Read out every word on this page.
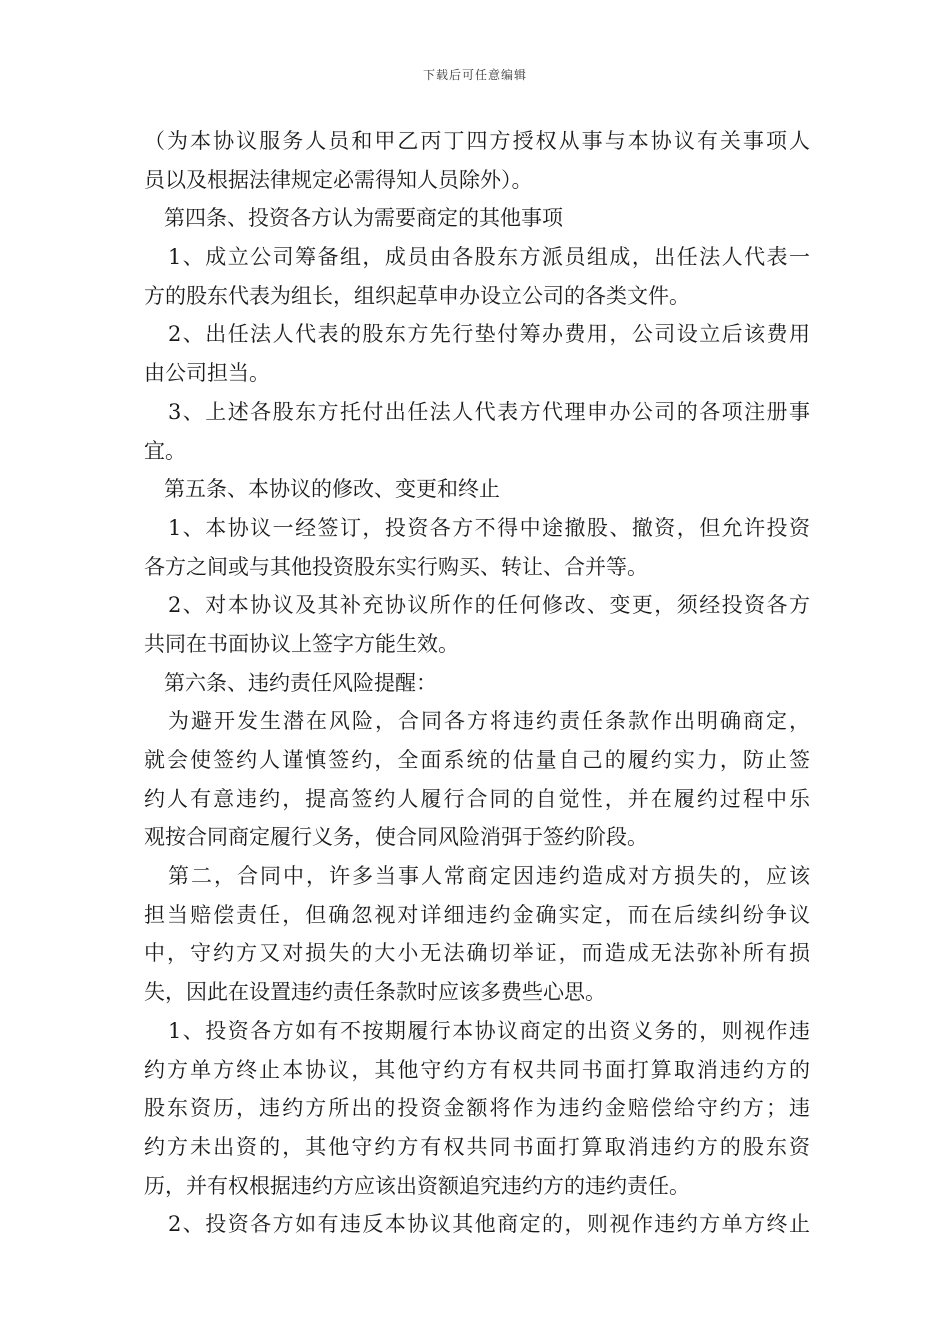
下载后可任意编辑
（为本协议服务人员和甲乙丙丁四方授权从事与本协议有关事项人
员以及根据法律规定必需得知人员除外）。
第四条、投资各方认为需要商定的其他事项
1、成立公司筹备组，成员由各股东方派员组成，出任法人代表一
方的股东代表为组长，组织起草申办设立公司的各类文件。
2、出任法人代表的股东方先行垫付筹办费用，公司设立后该费用
由公司担当。
3、上述各股东方托付出任法人代表方代理申办公司的各项注册事
宜。
第五条、本协议的修改、变更和终止
1、本协议一经签订，投资各方不得中途撤股、撤资，但允许投资
各方之间或与其他投资股东实行购买、转让、合并等。
2、对本协议及其补充协议所作的任何修改、变更，须经投资各方
共同在书面协议上签字方能生效。
第六条、违约责任风险提醒：
为避开发生潜在风险，合同各方将违约责任条款作出明确商定，
就会使签约人谨慎签约，全面系统的估量自己的履约实力，防止签
约人有意违约，提高签约人履行合同的自觉性，并在履约过程中乐
观按合同商定履行义务，使合同风险消弭于签约阶段。
第二，合同中，许多当事人常商定因违约造成对方损失的，应该
担当赔偿责任，但确忽视对详细违约金确实定，而在后续纠纷争议
中，守约方又对损失的大小无法确切举证，而造成无法弥补所有损
失，因此在设置违约责任条款时应该多费些心思。
1、投资各方如有不按期履行本协议商定的出资义务的，则视作违
约方单方终止本协议，其他守约方有权共同书面打算取消违约方的
股东资历，违约方所出的投资金额将作为违约金赔偿给守约方；违
约方未出资的，其他守约方有权共同书面打算取消违约方的股东资
历，并有权根据违约方应该出资额追究违约方的违约责任。
2、投资各方如有违反本协议其他商定的，则视作违约方单方终止
